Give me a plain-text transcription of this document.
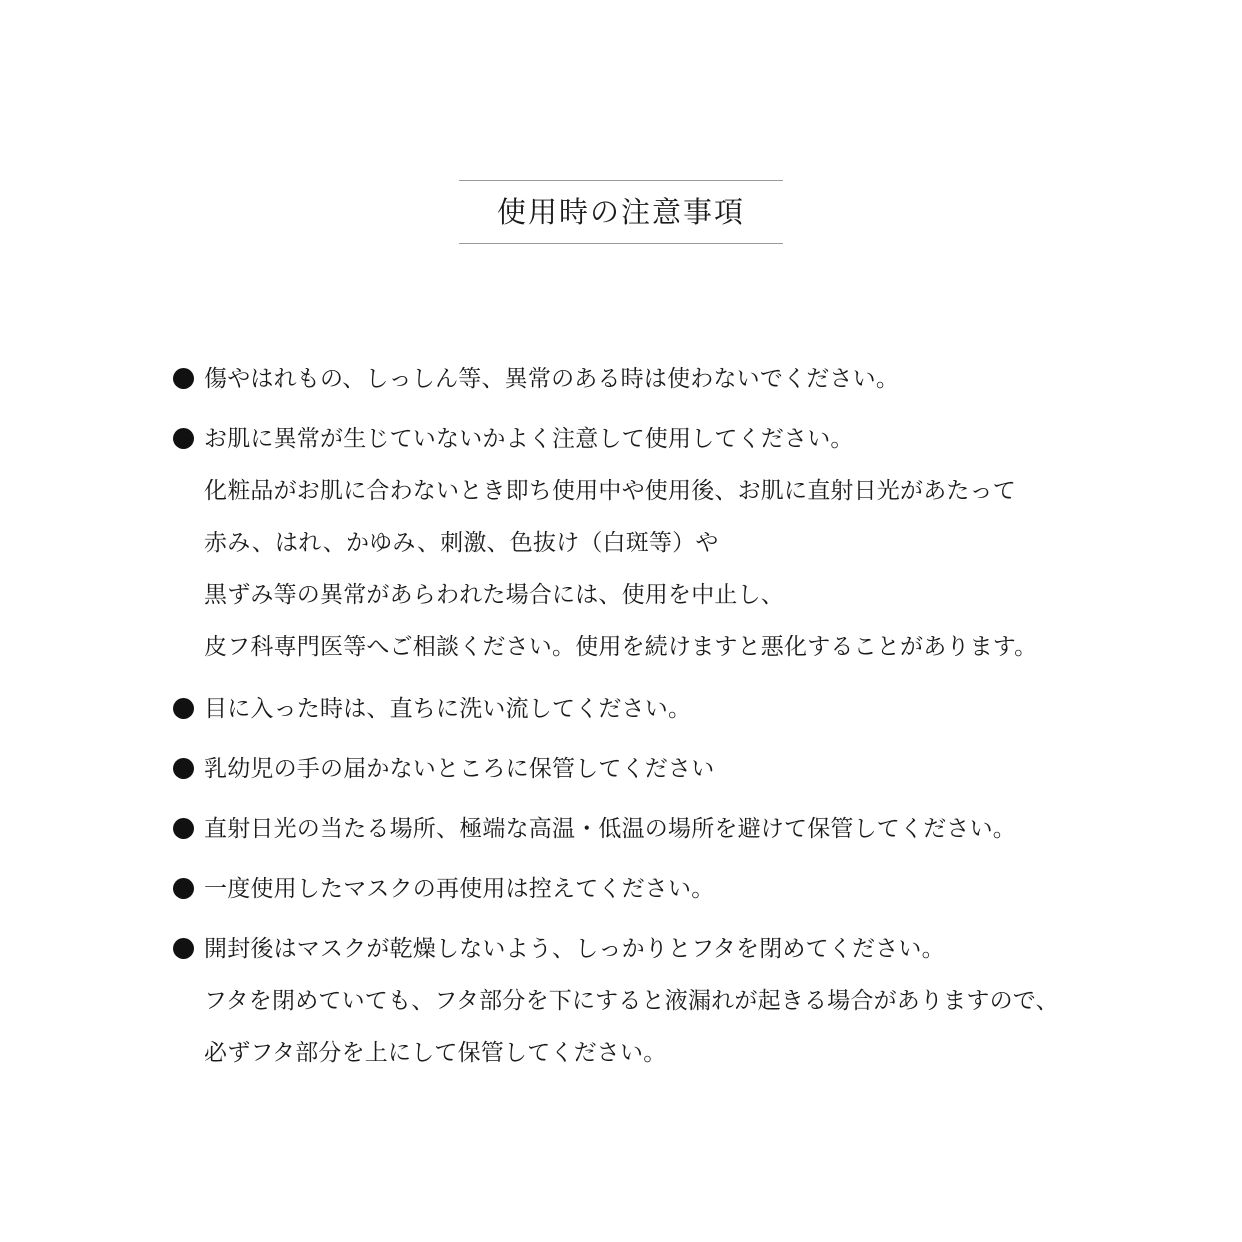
使用時の注意事項
傷やはれもの、しっしん等、異常のある時は使わないでください。
お肌に異常が生じていないかよく注意して使用してください。
化粧品がお肌に合わないとき即ち使用中や使用後、お肌に直射日光があたって
赤み、はれ、かゆみ、刺激、色抜け（白斑等）や
黒ずみ等の異常があらわれた場合には、使用を中止し、
皮フ科専門医等へご相談ください。使用を続けますと悪化することがあります。
目に入った時は、直ちに洗い流してください。
乳幼児の手の届かないところに保管してください
直射日光の当たる場所、極端な高温・低温の場所を避けて保管してください。
一度使用したマスクの再使用は控えてください。
開封後はマスクが乾燥しないよう、しっかりとフタを閉めてください。
フタを閉めていても、フタ部分を下にすると液漏れが起きる場合がありますので、
必ずフタ部分を上にして保管してください。
